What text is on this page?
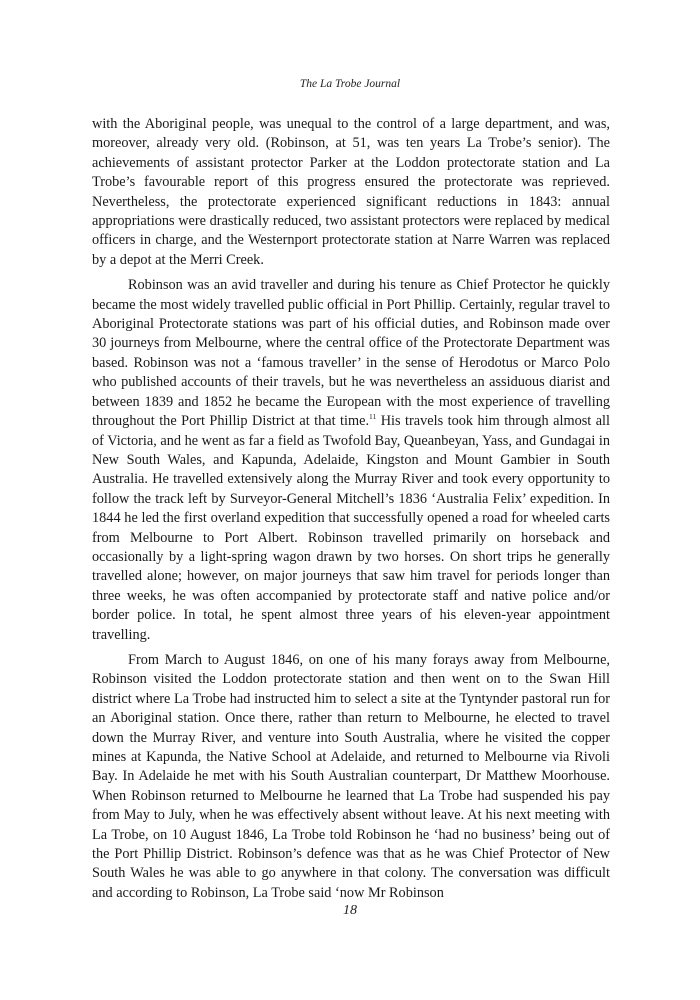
The La Trobe Journal

with the Aboriginal people, was unequal to the control of a large department, and was, moreover, already very old. (Robinson, at 51, was ten years La Trobe’s senior). The achievements of assistant protector Parker at the Loddon protectorate station and La Trobe’s favourable report of this progress ensured the protectorate was reprieved. Nevertheless, the protectorate experienced significant reductions in 1843: annual appropriations were drastically reduced, two assistant protectors were replaced by medical officers in charge, and the Westernport protectorate station at Narre Warren was replaced by a depot at the Merri Creek.

Robinson was an avid traveller and during his tenure as Chief Protector he quickly became the most widely travelled public official in Port Phillip. Certainly, regular travel to Aboriginal Protectorate stations was part of his official duties, and Robinson made over 30 journeys from Melbourne, where the central office of the Protectorate Department was based. Robinson was not a ‘famous traveller’ in the sense of Herodotus or Marco Polo who published accounts of their travels, but he was nevertheless an assiduous diarist and between 1839 and 1852 he became the European with the most experience of travelling throughout the Port Phillip District at that time.$^{11}$ His travels took him through almost all of Victoria, and he went as far a field as Twofold Bay, Queanbeyan, Yass, and Gundagai in New South Wales, and Kapunda, Adelaide, Kingston and Mount Gambier in South Australia. He travelled extensively along the Murray River and took every opportunity to follow the track left by Surveyor-General Mitchell’s 1836 ‘Australia Felix’ expedition. In 1844 he led the first overland expedition that successfully opened a road for wheeled carts from Melbourne to Port Albert. Robinson travelled primarily on horseback and occasionally by a light-spring wagon drawn by two horses. On short trips he generally travelled alone; however, on major journeys that saw him travel for periods longer than three weeks, he was often accompanied by protectorate staff and native police and/or border police. In total, he spent almost three years of his eleven-year appointment travelling.

From March to August 1846, on one of his many forays away from Melbourne, Robinson visited the Loddon protectorate station and then went on to the Swan Hill district where La Trobe had instructed him to select a site at the Tyntynder pastoral run for an Aboriginal station. Once there, rather than return to Melbourne, he elected to travel down the Murray River, and venture into South Australia, where he visited the copper mines at Kapunda, the Native School at Adelaide, and returned to Melbourne via Rivoli Bay. In Adelaide he met with his South Australian counterpart, Dr Matthew Moorhouse. When Robinson returned to Melbourne he learned that La Trobe had suspended his pay from May to July, when he was effectively absent without leave. At his next meeting with La Trobe, on 10 August 1846, La Trobe told Robinson he ‘had no business’ being out of the Port Phillip District. Robinson’s defence was that as he was Chief Protector of New South Wales he was able to go anywhere in that colony. The conversation was difficult and according to Robinson, La Trobe said ‘now Mr Robinson

18
